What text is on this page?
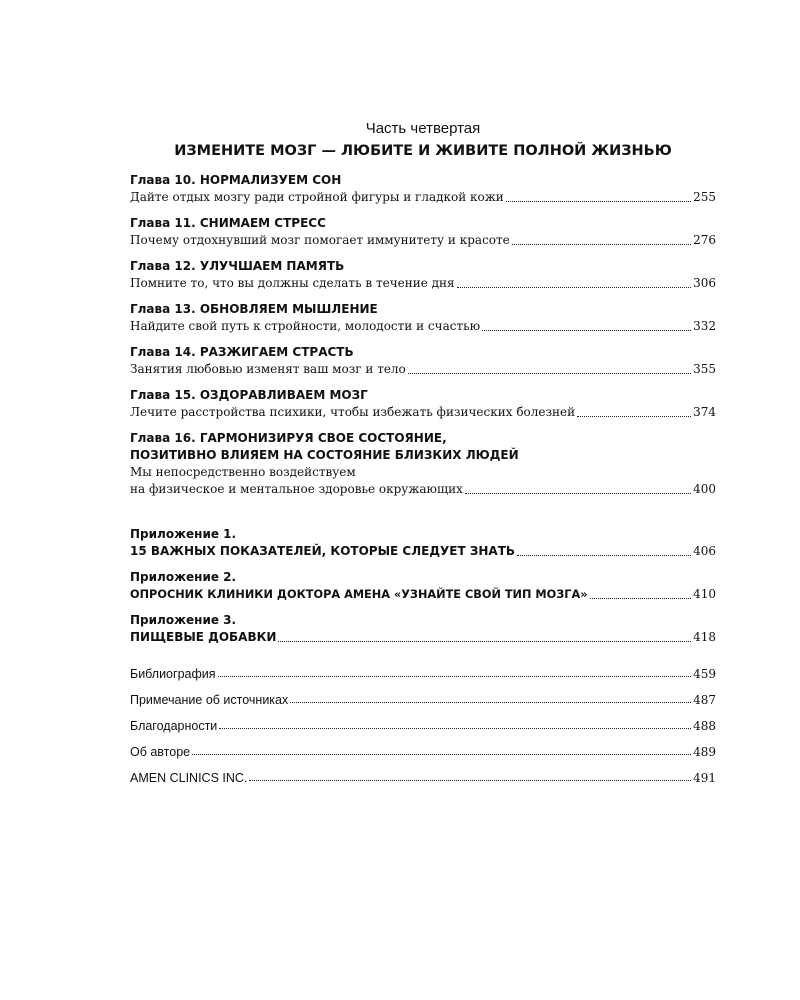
Часть четвертая

ИЗМЕНИТЕ МОЗГ — ЛЮБИТЕ И ЖИВИТЕ ПОЛНОЙ ЖИЗНЬЮ

Глава 10. НОРМАЛИЗУЕМ СОН
Дайте отдых мозгу ради стройной фигуры и гладкой кожи	255
Глава 11. СНИМАЕМ СТРЕСС
Почему отдохнувший мозг помогает иммунитету и красоте	276
Глава 12. УЛУЧШАЕМ ПАМЯТЬ
Помните то, что вы должны сделать в течение дня	306
Глава 13. ОБНОВЛЯЕМ МЫШЛЕНИЕ
Найдите свой путь к стройности, молодости и счастью	332
Глава 14. РАЗЖИГАЕМ СТРАСТЬ
Занятия любовью изменят ваш мозг и тело	355
Глава 15. ОЗДОРАВЛИВАЕМ МОЗГ
Лечите расстройства психики, чтобы избежать физических болезней	374
Глава 16. ГАРМОНИЗИРУЯ СВОЕ СОСТОЯНИЕ,
ПОЗИТИВНО ВЛИЯЕМ НА СОСТОЯНИЕ БЛИЗКИХ ЛЮДЕЙ
Мы непосредственно воздействуем
на физическое и ментальное здоровье окружающих	400
Приложение 1.
15 ВАЖНЫХ ПОКАЗАТЕЛЕЙ, КОТОРЫЕ СЛЕДУЕТ ЗНАТЬ	406
Приложение 2.
ОПРОСНИК КЛИНИКИ ДОКТОРА АМЕНА «УЗНАЙТЕ СВОЙ ТИП МОЗГА»	410
Приложение 3.
ПИЩЕВЫЕ ДОБАВКИ	418
Библиография	459
Примечание об источниках	487
Благодарности	488
Об авторе	489
AMEN CLINICS INC.	491
